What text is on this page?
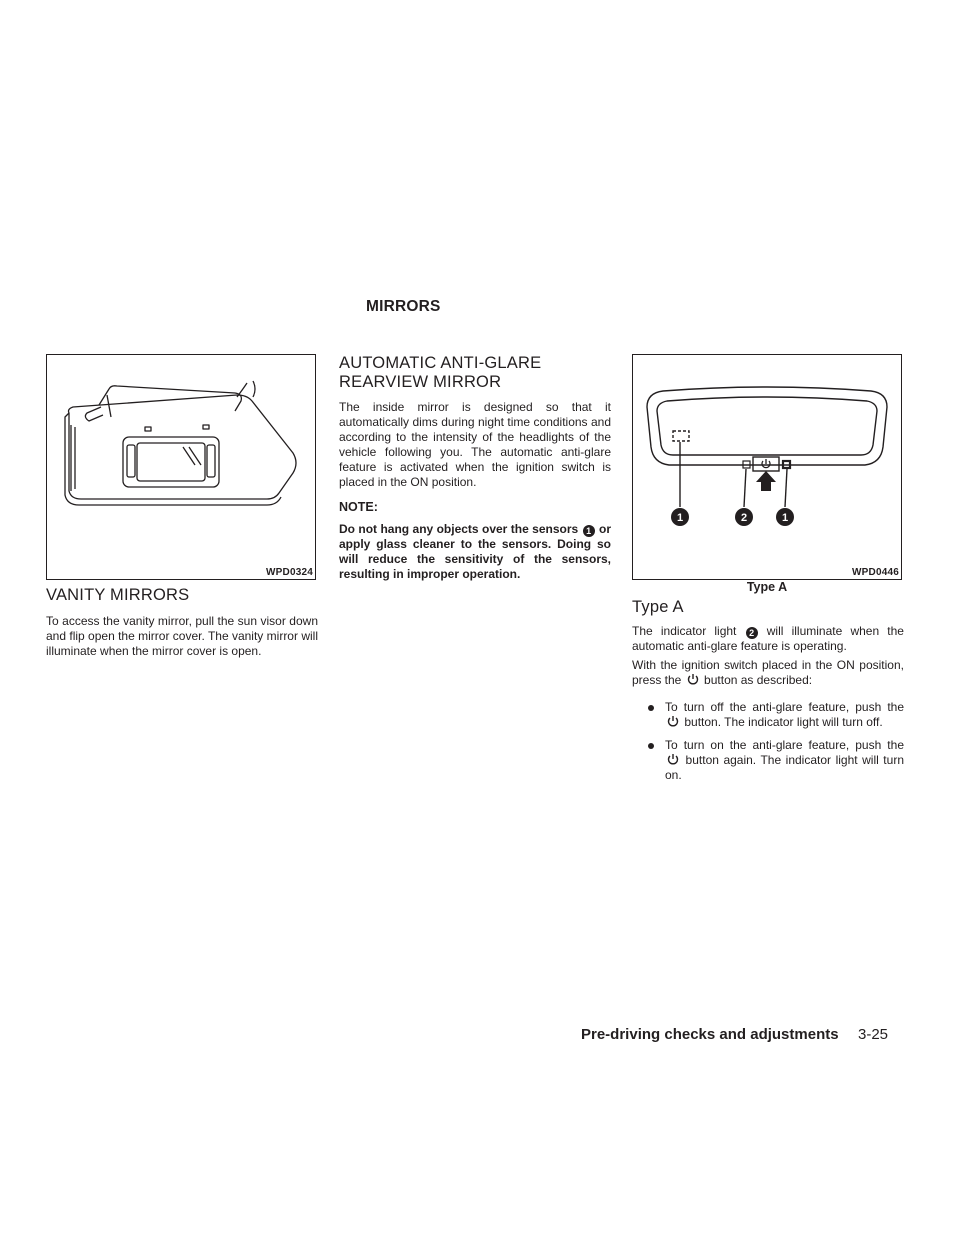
MIRRORS
WPD0324
VANITY MIRRORS

To access the vanity mirror, pull the sun visor down and flip open the mirror cover. The vanity mirror will illuminate when the mirror cover is open.

AUTOMATIC ANTI-GLARE
REARVIEW MIRROR

The inside mirror is designed so that it automatically dims during night time conditions and according to the intensity of the headlights of the vehicle following you. The automatic anti-glare feature is activated when the ignition switch is placed in the ON position.

NOTE:

Do not hang any objects over the sensors 1 or apply glass cleaner to the sensors. Doing so will reduce the sensitivity of the sensors, resulting in improper operation.

1	2	1
WPD0446
Type A
Type A

The indicator light 2 will illuminate when the automatic anti-glare feature is operating.

With the ignition switch placed in the ON position, press the button as described:

To turn off the anti-glare feature, push the  button. The indicator light will turn off.
To turn on the anti-glare feature, push the  button again. The indicator light will turn on.
Pre-driving checks and adjustments 3-25
